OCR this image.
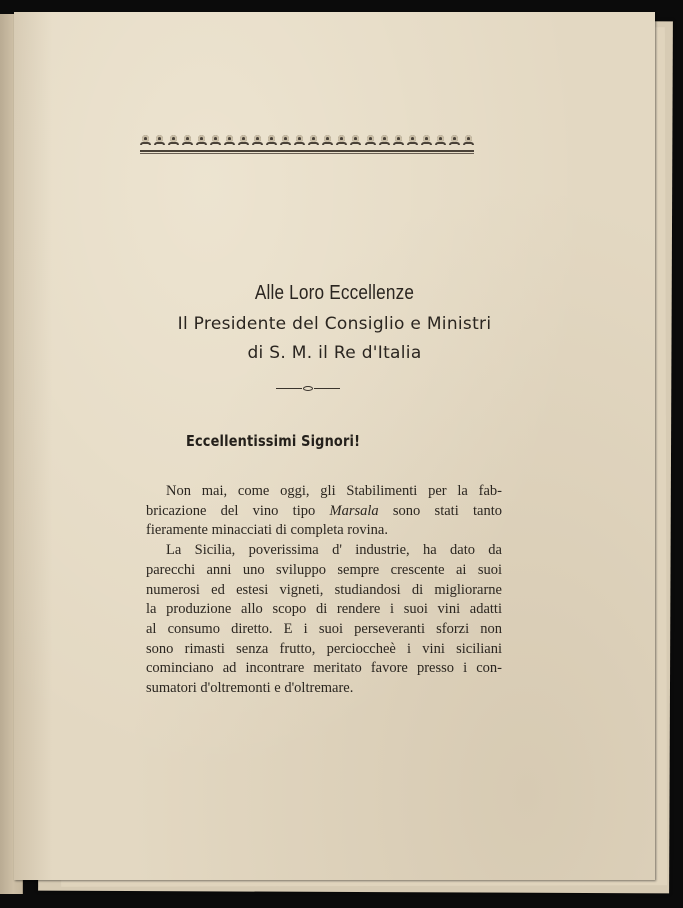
Alle Loro Eccellenze
Il Presidente del Consiglio e Ministri
di S. M. il Re d'Italia
Eccellentissimi Signori!
Non mai, come oggi, gli Stabilimenti per la fab-
bricazione del vino tipo Marsala sono stati tanto
fieramente minacciati di completa rovina.
La Sicilia, poverissima d' industrie, ha dato da
parecchi anni uno sviluppo sempre crescente ai suoi
numerosi ed estesi vigneti, studiandosi di migliorarne
la produzione allo scopo di rendere i suoi vini adatti
al consumo diretto. E i suoi perseveranti sforzi non
sono rimasti senza frutto, percioccheè i vini siciliani
cominciano ad incontrare meritato favore presso i con-
sumatori d'oltremonti e d'oltremare.
